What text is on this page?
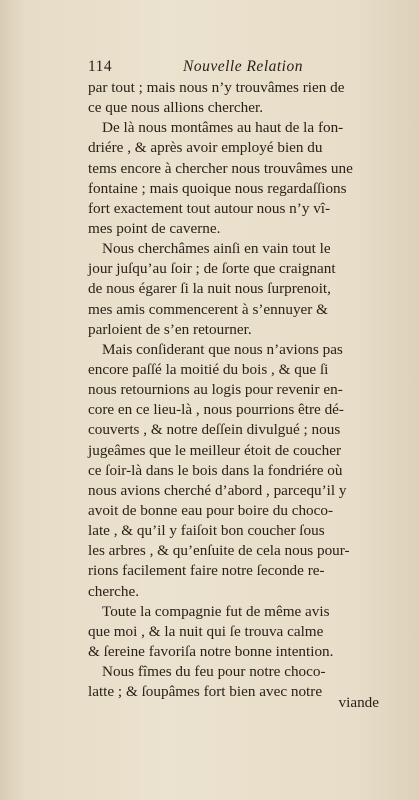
114	Nouvelle Relation
par tout ; mais nous n’y trouvâmes rien de
ce que nous allions chercher.
De là nous montâmes au haut de la fon-
driére , & après avoir employé bien du
tems encore à chercher nous trouvâmes une
fontaine ; mais quoique nous regardaſſions
fort exactement tout autour nous n’y vî-
mes point de caverne.
Nous cherchâmes ainſi en vain tout le
jour juſqu’au ſoir ; de ſorte que craignant
de nous égarer ſi la nuit nous ſurprenoit,
mes amis commencerent à s’ennuyer &
parloient de s’en retourner.
Mais conſiderant que nous n’avions pas
encore paſſé la moitié du bois , & que ſi
nous retournions au logis pour revenir en-
core en ce lieu-là , nous pourrions être dé-
couverts , & notre deſſein divulgué ; nous
jugeâmes que le meilleur étoit de coucher
ce ſoir-là dans le bois dans la fondriére où
nous avions cherché d’abord , parcequ’il y
avoit de bonne eau pour boire du choco-
late , & qu’il y faiſoit bon coucher ſous
les arbres , & qu’enſuite de cela nous pour-
rions facilement faire notre ſeconde re-
cherche.
Toute la compagnie fut de même avis
que moi , & la nuit qui ſe trouva calme
& ſereine favoriſa notre bonne intention.
Nous fîmes du feu pour notre choco-
latte ; & ſoupâmes fort bien avec notre
viande
